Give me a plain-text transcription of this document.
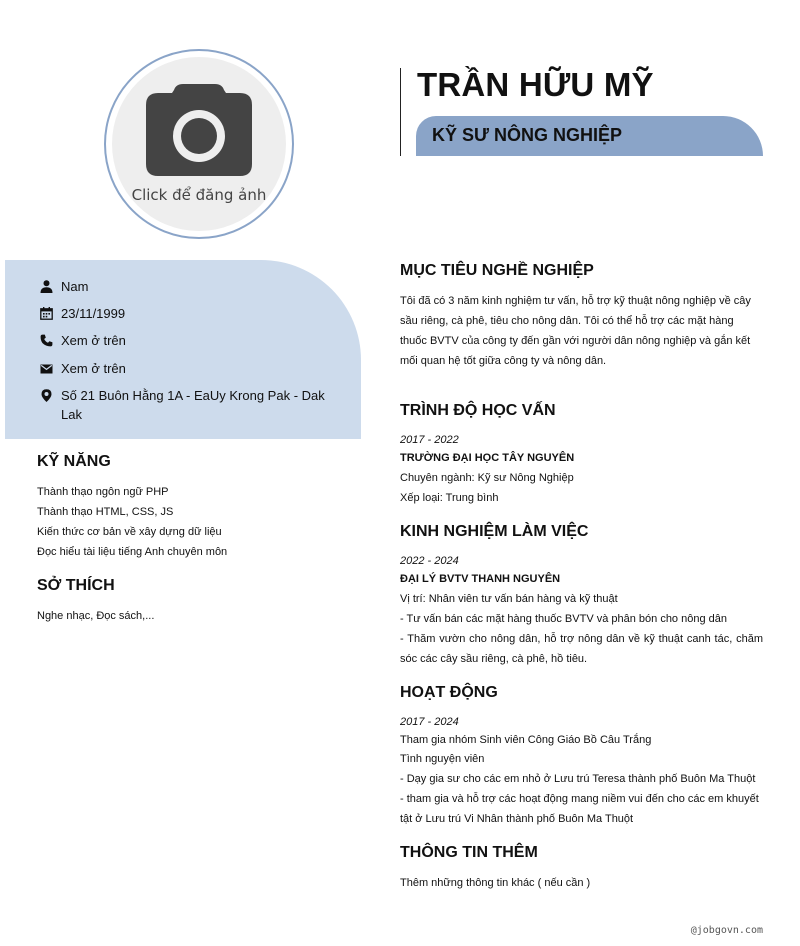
Click để đăng ảnh
TRẦN HỮU MỸ
KỸ SƯ NÔNG NGHIỆP
Nam
23/11/1999
Xem ở trên
Xem ở trên
Số 21 Buôn Hằng 1A - EaUy Krong Pak - Dak Lak
KỸ NĂNG
Thành thạo ngôn ngữ PHP
Thành thạo HTML, CSS, JS
Kiến thức cơ bản về xây dựng dữ liệu
Đọc hiểu tài liệu tiếng Anh chuyên môn
SỞ THÍCH
Nghe nhạc, Đọc sách,...
MỤC TIÊU NGHỀ NGHIỆP
Tôi đã có 3 năm kinh nghiệm tư vấn, hỗ trợ kỹ thuật nông nghiệp về cây sầu riêng, cà phê, tiêu cho nông dân. Tôi có thể hỗ trợ các mặt hàng thuốc BVTV của công ty đến gần với người dân nông nghiệp và gắn kết mối quan hệ tốt giữa công ty và nông dân.
TRÌNH ĐỘ HỌC VẤN
2017 - 2022
TRƯỜNG ĐẠI HỌC TÂY NGUYÊN
Chuyên ngành: Kỹ sư Nông Nghiệp
Xếp loại: Trung bình
KINH NGHIỆM LÀM VIỆC
2022 - 2024
ĐẠI LÝ BVTV THANH NGUYÊN
Vị trí: Nhân viên tư vấn bán hàng và kỹ thuật
- Tư vấn bán các mặt hàng thuốc BVTV và phân bón cho nông dân
- Thăm vườn cho nông dân, hỗ trợ nông dân về kỹ thuật canh tác, chăm sóc các cây sầu riêng, cà phê, hồ tiêu.
HOẠT ĐỘNG
2017 - 2024
Tham gia nhóm Sinh viên Công Giáo Bồ Câu Trắng
Tình nguyện viên
- Dạy gia sư cho các em nhỏ ở Lưu trú Teresa thành phố Buôn Ma Thuột
- tham gia và hỗ trợ các hoạt động mang niềm vui đến cho các em khuyết tật ở Lưu trú Vi Nhân thành phố Buôn Ma Thuột
THÔNG TIN THÊM
Thêm những thông tin khác ( nếu cần )
@jobgovn.com
